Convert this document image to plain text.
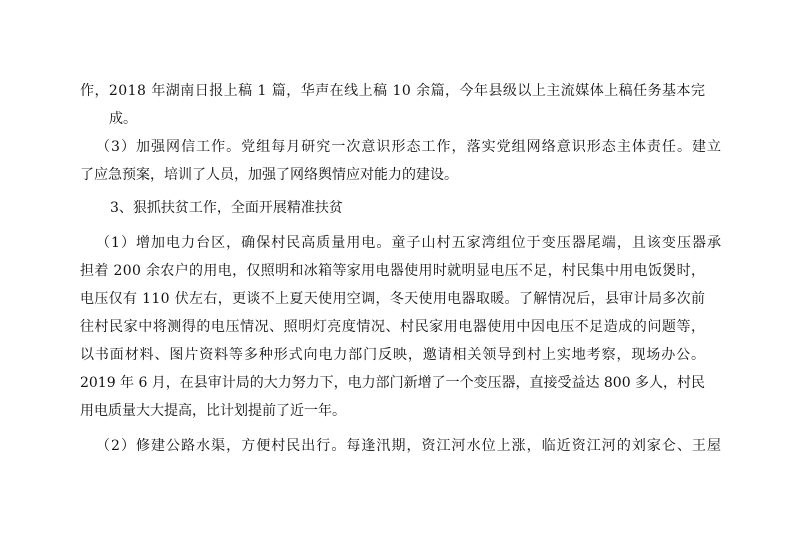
作，2018 年湖南日报上稿 1 篇，华声在线上稿 10 余篇，今年县级以上主流媒体上稿任务基本完
成。
（3）加强网信工作。党组每月研究一次意识形态工作，落实党组网络意识形态主体责任。建立
了应急预案，培训了人员，加强了网络舆情应对能力的建设。
3、狠抓扶贫工作，全面开展精准扶贫
（1）增加电力台区，确保村民高质量用电。童子山村五家湾组位于变压器尾端，且该变压器承
担着 200 余农户的用电，仅照明和冰箱等家用电器使用时就明显电压不足，村民集中用电饭煲时，
电压仅有 110 伏左右，更谈不上夏天使用空调，冬天使用电器取暖。了解情况后，县审计局多次前
往村民家中将测得的电压情况、照明灯亮度情况、村民家用电器使用中因电压不足造成的问题等，
以书面材料、图片资料等多种形式向电力部门反映，邀请相关领导到村上实地考察，现场办公。
2019 年 6 月，在县审计局的大力努力下，电力部门新增了一个变压器，直接受益达 800 多人，村民
用电质量大大提高，比计划提前了近一年。
（2）修建公路水渠，方便村民出行。每逢汛期，资江河水位上涨，临近资江河的刘家仑、王屋
